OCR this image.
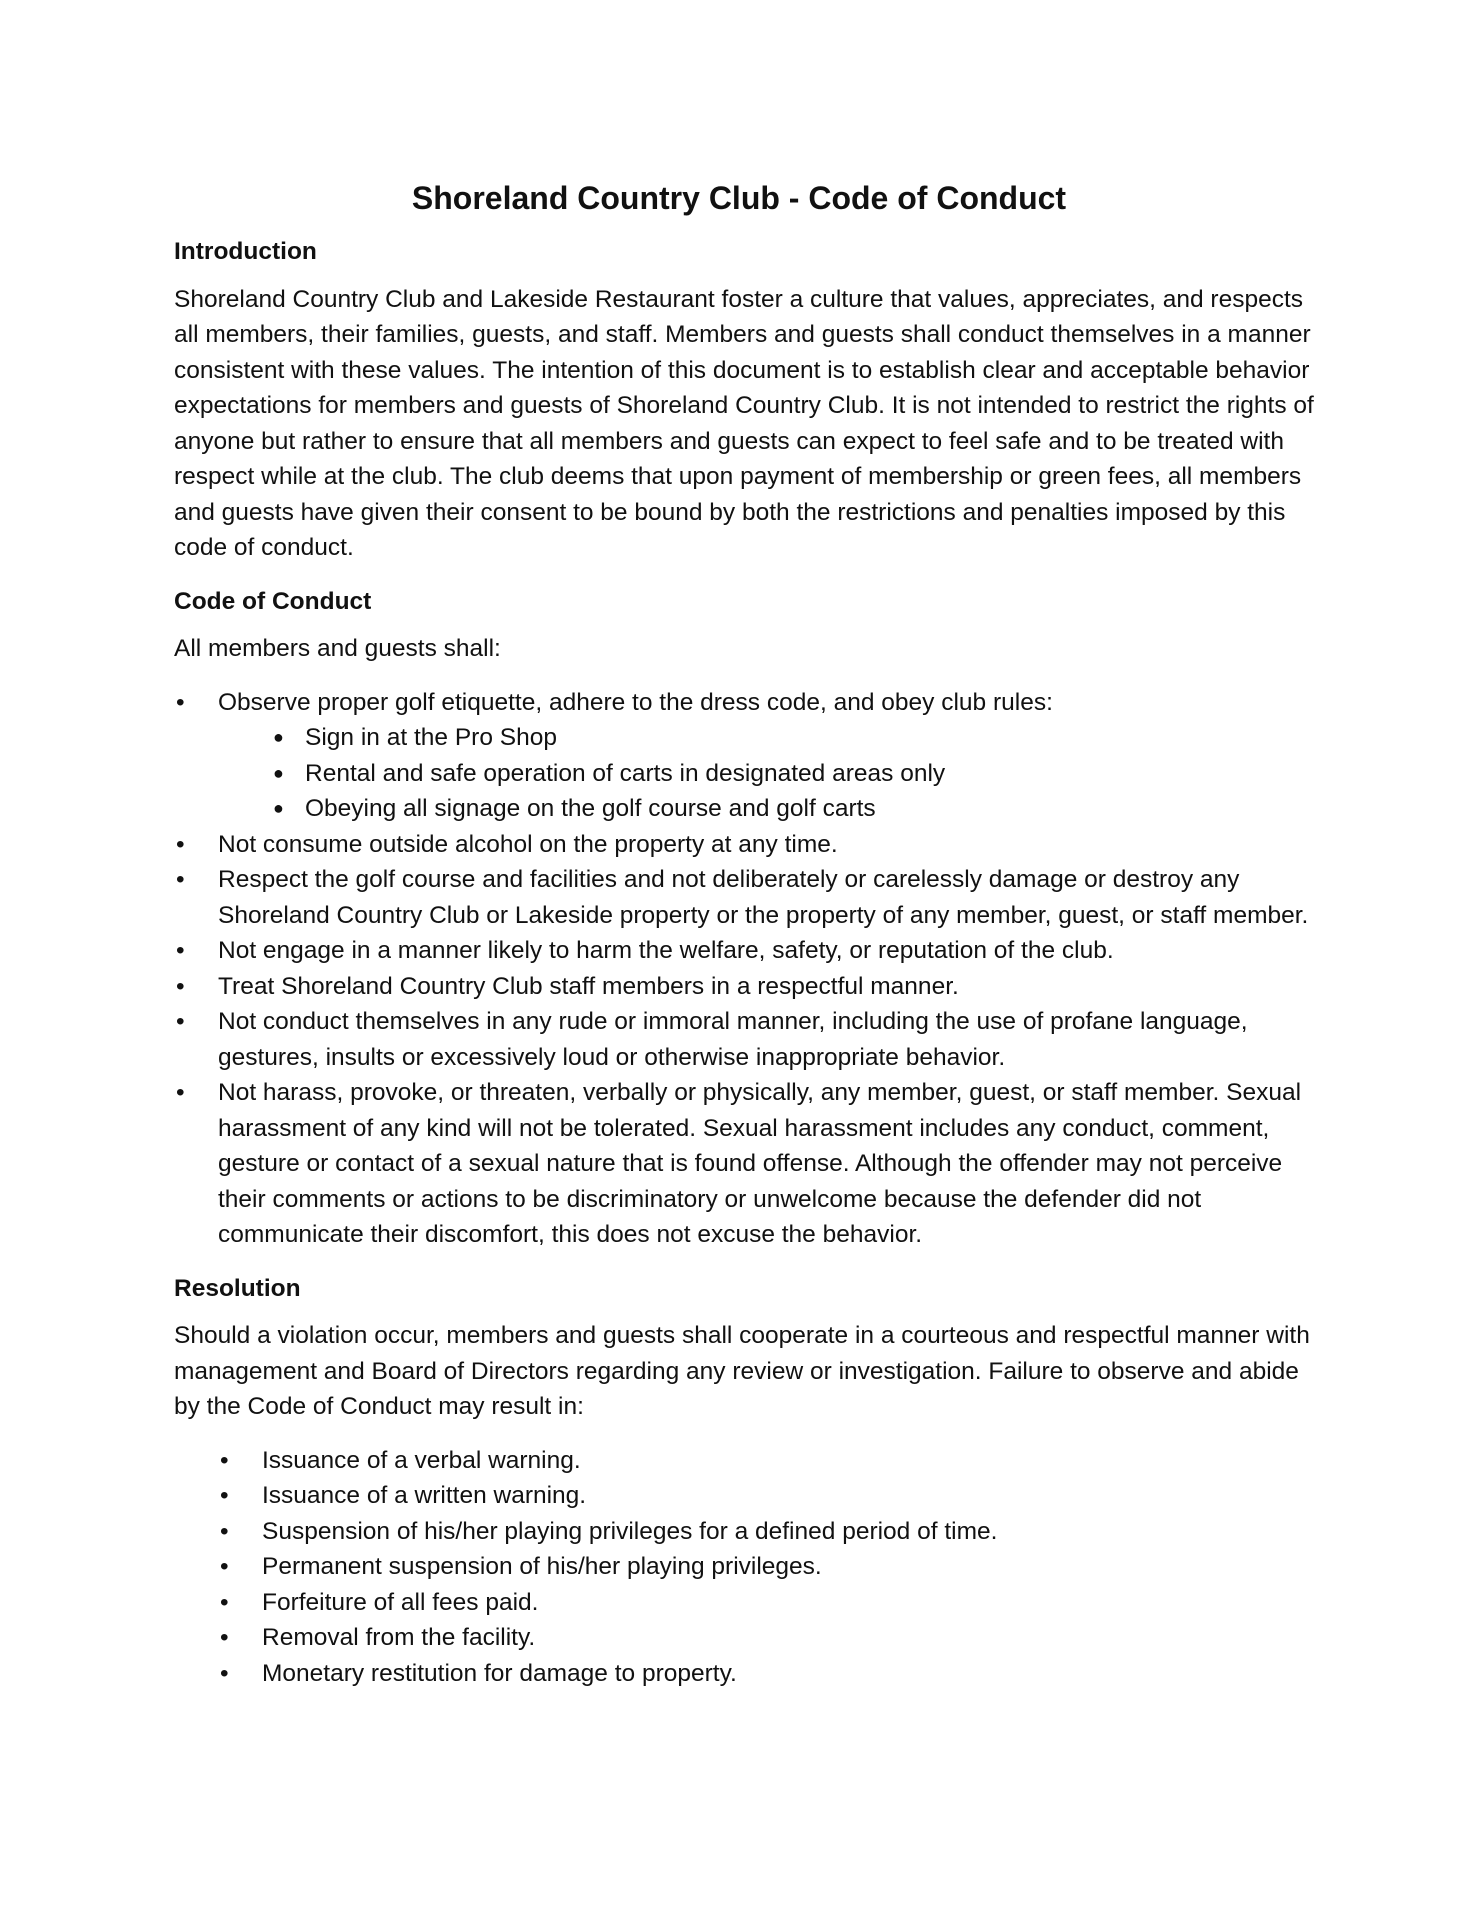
Shoreland Country Club - Code of Conduct
Introduction

Shoreland Country Club and Lakeside Restaurant foster a culture that values, appreciates, and respects all members, their families, guests, and staff. Members and guests shall conduct themselves in a manner consistent with these values. The intention of this document is to establish clear and acceptable behavior expectations for members and guests of Shoreland Country Club. It is not intended to restrict the rights of anyone but rather to ensure that all members and guests can expect to feel safe and to be treated with respect while at the club. The club deems that upon payment of membership or green fees, all members and guests have given their consent to be bound by both the restrictions and penalties imposed by this code of conduct.

Code of Conduct

All members and guests shall:

• Observe proper golf etiquette, adhere to the dress code, and obey club rules:
● Sign in at the Pro Shop
● Rental and safe operation of carts in designated areas only
● Obeying all signage on the golf course and golf carts
• Not consume outside alcohol on the property at any time.
• Respect the golf course and facilities and not deliberately or carelessly damage or destroy any Shoreland Country Club or Lakeside property or the property of any member, guest, or staff member.
• Not engage in a manner likely to harm the welfare, safety, or reputation of the club.
• Treat Shoreland Country Club staff members in a respectful manner.
• Not conduct themselves in any rude or immoral manner, including the use of profane language, gestures, insults or excessively loud or otherwise inappropriate behavior.
• Not harass, provoke, or threaten, verbally or physically, any member, guest, or staff member. Sexual harassment of any kind will not be tolerated. Sexual harassment includes any conduct, comment, gesture or contact of a sexual nature that is found offense. Although the offender may not perceive their comments or actions to be discriminatory or unwelcome because the defender did not communicate their discomfort, this does not excuse the behavior.
Resolution

Should a violation occur, members and guests shall cooperate in a courteous and respectful manner with management and Board of Directors regarding any review or investigation. Failure to observe and abide by the Code of Conduct may result in:

• Issuance of a verbal warning.
• Issuance of a written warning.
• Suspension of his/her playing privileges for a defined period of time.
• Permanent suspension of his/her playing privileges.
• Forfeiture of all fees paid.
• Removal from the facility.
• Monetary restitution for damage to property.
